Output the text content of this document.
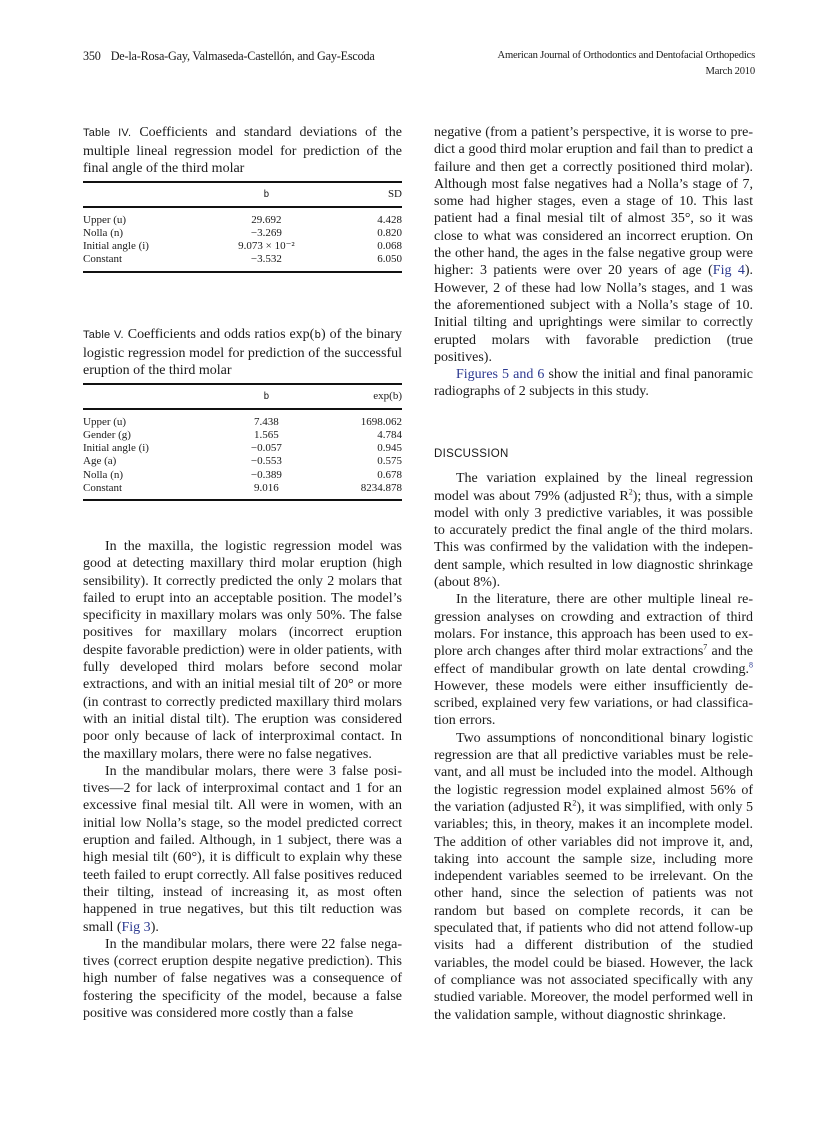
350 De-la-Rosa-Gay, Valmaseda-Castellón, and Gay-Escoda	American Journal of Orthodontics and Dentofacial Orthopedics
March 2010

Table IV. Coefficients and standard deviations of the multiple lineal regression model for prediction of the final angle of the third molar

	b	SD
Upper (u)	29.692	4.428
Nolla (n)	−3.269	0.820
Initial angle (i)	9.073 × 10⁻²	0.068
Constant	−3.532	6.050

Table V. Coefficients and odds ratios exp(b) of the binary logistic regression model for prediction of the successful eruption of the third molar

	b	exp(b)
Upper (u)	7.438	1698.062
Gender (g)	1.565	4.784
Initial angle (i)	−0.057	0.945
Age (a)	−0.553	0.575
Nolla (n)	−0.389	0.678
Constant	9.016	8234.878

In the maxilla, the logistic regression model was good at detecting maxillary third molar eruption (high sensibility). It correctly predicted the only 2 molars that failed to erupt into an acceptable position. The model’s specificity in maxillary molars was only 50%. The false positives for maxillary molars (incorrect eruption despite favorable prediction) were in older patients, with fully developed third molars before second molar extractions, and with an initial mesial tilt of 20° or more (in contrast to correctly predicted maxillary third molars with an initial distal tilt). The eruption was considered poor only because of lack of interproximal contact. In the maxillary molars, there were no false negatives.

In the mandibular molars, there were 3 false positives—2 for lack of interproximal contact and 1 for an excessive final mesial tilt. All were in women, with an initial low Nolla’s stage, so the model predicted correct eruption and failed. Although, in 1 subject, there was a high mesial tilt (60°), it is difficult to explain why these teeth failed to erupt correctly. All false positives reduced their tilting, instead of increasing it, as most often happened in true negatives, but this tilt reduction was small (Fig 3).

In the mandibular molars, there were 22 false negatives (correct eruption despite negative prediction). This high number of false negatives was a consequence of fostering the specificity of the model, because a false positive was considered more costly than a false

negative (from a patient’s perspective, it is worse to predict a good third molar eruption and fail than to predict a failure and then get a correctly positioned third molar). Although most false negatives had a Nolla’s stage of 7, some had higher stages, even a stage of 10. This last patient had a final mesial tilt of almost 35°, so it was close to what was considered an incorrect eruption. On the other hand, the ages in the false negative group were higher: 3 patients were over 20 years of age (Fig 4). However, 2 of these had low Nolla’s stages, and 1 was the aforementioned subject with a Nolla’s stage of 10. Initial tilting and uprightings were similar to correctly erupted molars with favorable prediction (true positives).

Figures 5 and 6 show the initial and final panoramic radiographs of 2 subjects in this study.

DISCUSSION

The variation explained by the lineal regression model was about 79% (adjusted $R^2$); thus, with a simple model with only 3 predictive variables, it was possible to accurately predict the final angle of the third molars. This was confirmed by the validation with the independent sample, which resulted in low diagnostic shrinkage (about 8%).

In the literature, there are other multiple lineal regression analyses on crowding and extraction of third molars. For instance, this approach has been used to explore arch changes after third molar extractions$^7$ and the effect of mandibular growth on late dental crowding.$^8$ However, these models were either insufficiently described, explained very few variations, or had classification errors.

Two assumptions of nonconditional binary logistic regression are that all predictive variables must be relevant, and all must be included into the model. Although the logistic regression model explained almost 56% of the variation (adjusted $R^2$), it was simplified, with only 5 variables; this, in theory, makes it an incomplete model. The addition of other variables did not improve it, and, taking into account the sample size, including more independent variables seemed to be irrelevant. On the other hand, since the selection of patients was not random but based on complete records, it can be speculated that, if patients who did not attend follow-up visits had a different distribution of the studied variables, the model could be biased. However, the lack of compliance was not associated specifically with any studied variable. Moreover, the model performed well in the validation sample, without diagnostic shrinkage.
